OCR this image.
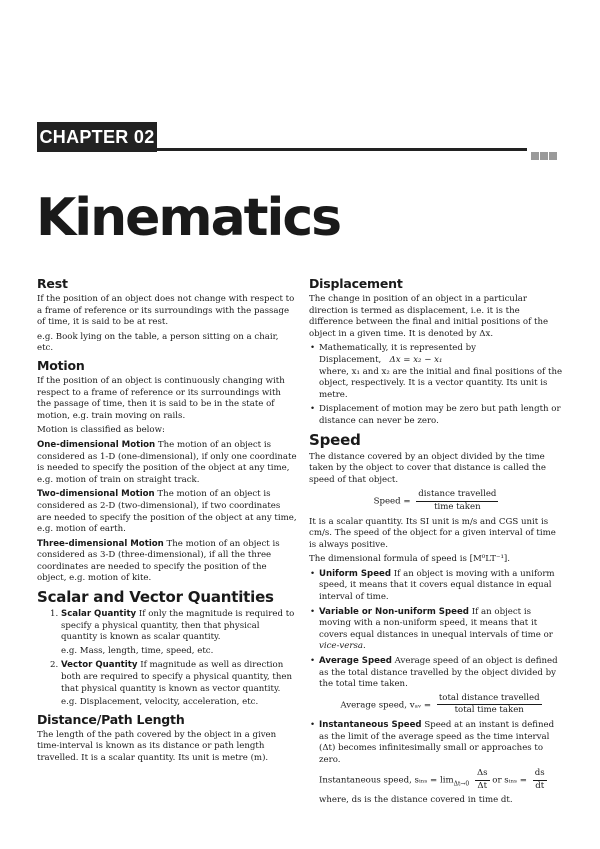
CHAPTER 02
Kinematics
Rest

If the position of an object does not change with respect to a frame of reference or its surroundings with the passage of time, it is said to be at rest.

e.g. Book lying on the table, a person sitting on a chair, etc.

Motion

If the position of an object is continuously changing with respect to a frame of reference or its surroundings with the passage of time, then it is said to be in the state of motion, e.g. train moving on rails.

Motion is classified as below:

One-dimensional Motion The motion of an object is considered as 1-D (one-dimensional), if only one coordinate is needed to specify the position of the object at any time, e.g. motion of train on straight track.

Two-dimensional Motion The motion of an object is considered as 2-D (two-dimensional), if two coordinates are needed to specify the position of the object at any time, e.g. motion of earth.

Three-dimensional Motion The motion of an object is considered as 3-D (three-dimensional), if all the three coordinates are needed to specify the position of the object, e.g. motion of kite.

Scalar and Vector Quantities
1. Scalar Quantity If only the magnitude is required to specify a physical quantity, then that physical quantity is known as scalar quantity.
e.g. Mass, length, time, speed, etc.
2. Vector Quantity If magnitude as well as direction both are required to specify a physical quantity, then that physical quantity is known as vector quantity.
e.g. Displacement, velocity, acceleration, etc.
Distance/Path Length

The length of the path covered by the object in a given time-interval is known as its distance or path length travelled. It is a scalar quantity. Its unit is metre (m).

Displacement

The change in position of an object in a particular direction is termed as displacement, i.e. it is the difference between the final and initial positions of the object in a given time. It is denoted by Δx.

• Mathematically, it is represented by
Displacement, Δx = x₂ − x₁
where, x₁ and x₂ are the initial and final positions of the object, respectively. It is a vector quantity. Its unit is metre.
• Displacement of motion may be zero but path length or distance can never be zero.
Speed

The distance covered by an object divided by the time taken by the object to cover that distance is called the speed of that object.

Speed = $\frac{\text{distance travelled}}{\text{time taken}}$

It is a scalar quantity. Its SI unit is m/s and CGS unit is cm/s. The speed of the object for a given interval of time is always positive.

The dimensional formula of speed is [M⁰LT⁻¹].

• Uniform Speed If an object is moving with a uniform speed, it means that it covers equal distance in equal interval of time.
• Variable or Non-uniform Speed If an object is moving with a non-uniform speed, it means that it covers equal distances in unequal intervals of time or vice-versa.
• Average Speed Average speed of an object is defined as the total distance travelled by the object divided by the total time taken.
Average speed, vₐᵥ = $\frac{\text{total distance travelled}}{\text{total time taken}}$
• Instantaneous Speed Speed at an instant is defined as the limit of the average speed as the time interval (Δt) becomes infinitesimally small or approaches to zero.
Instantaneous speed, sᵢₙₛ = $\lim_{\Delta t\to 0} \frac{\Delta s}{\Delta t}$ or sᵢₙₛ = $\frac{ds}{dt}$
where, ds is the distance covered in time dt.
